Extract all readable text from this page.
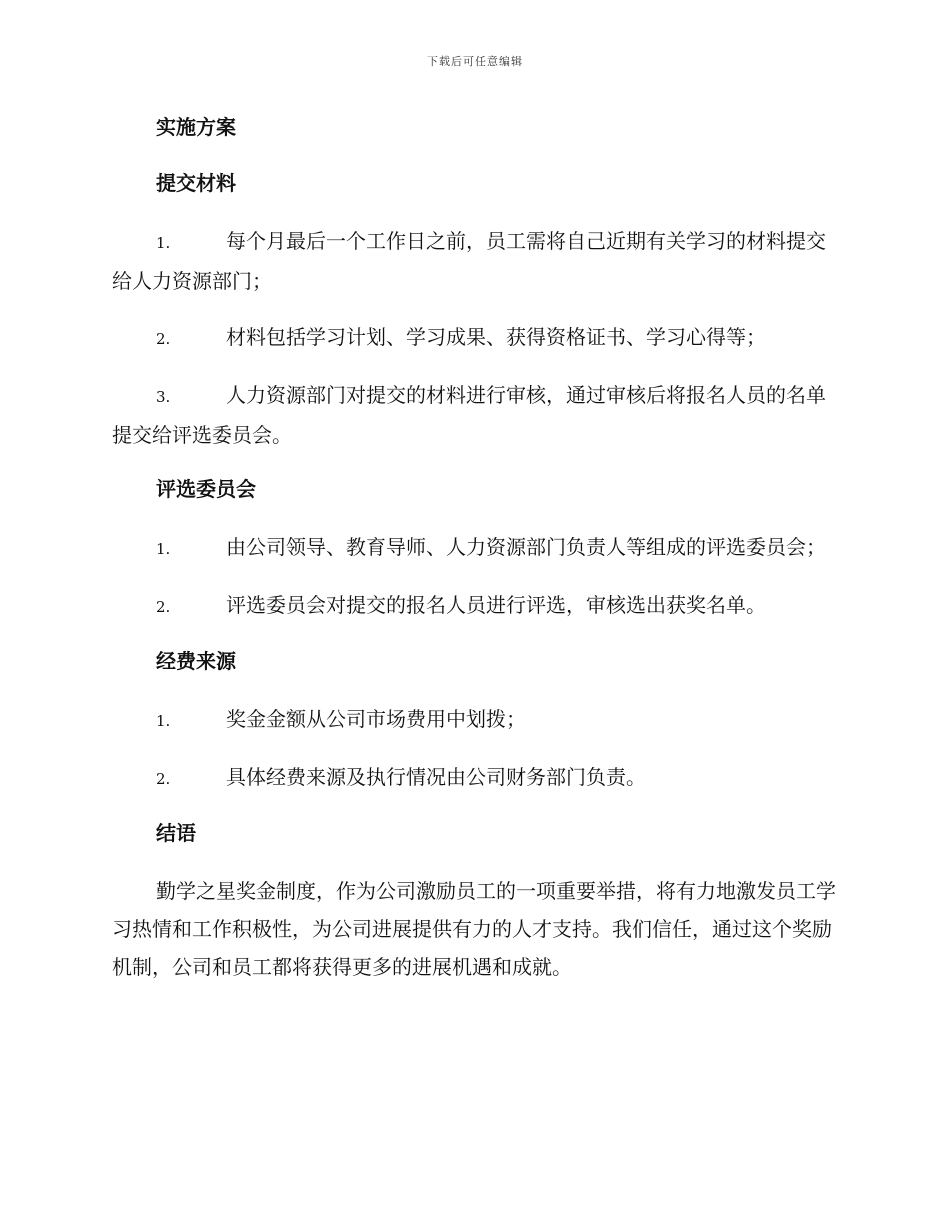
下载后可任意编辑
实施方案
提交材料
1.	每个月最后一个工作日之前，员工需将自己近期有关学习的材料提交给人力资源部门；
2.	材料包括学习计划、学习成果、获得资格证书、学习心得等；
3.	人力资源部门对提交的材料进行审核，通过审核后将报名人员的名单提交给评选委员会。
评选委员会
1.	由公司领导、教育导师、人力资源部门负责人等组成的评选委员会；
2.	评选委员会对提交的报名人员进行评选，审核选出获奖名单。
经费来源
1.	奖金金额从公司市场费用中划拨；
2.	具体经费来源及执行情况由公司财务部门负责。
结语
勤学之星奖金制度，作为公司激励员工的一项重要举措，将有力地激发员工学习热情和工作积极性，为公司进展提供有力的人才支持。我们信任，通过这个奖励机制，公司和员工都将获得更多的进展机遇和成就。
